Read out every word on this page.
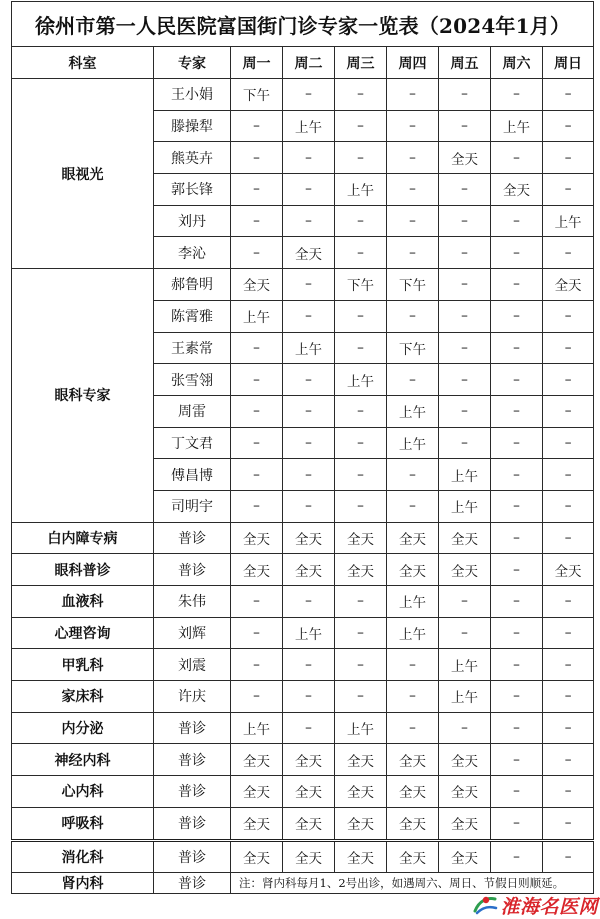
徐州市第一人民医院富国街门诊专家一览表（2024年1月）								
科室	专家	周一	周二	周三	周四	周五	周六	周日
眼视光	王小娟	下午	–	–	–	–	–	–
	滕操犁	–	上午	–	–	–	上午	–
	熊英卉	–	–	–	–	全天	–	–
	郭长锋	–	–	上午	–	–	全天	–
	刘丹	–	–	–	–	–	–	上午
	李沁	–	全天	–	–	–	–	–
眼科专家	郝鲁明	全天	–	下午	下午	–	–	全天
	陈霄雅	上午	–	–	–	–	–	–
	王素常	–	上午	–	下午	–	–	–
	张雪翎	–	–	上午	–	–	–	–
	周雷	–	–	–	上午	–	–	–
	丁文君	–	–	–	上午	–	–	–
	傅昌博	–	–	–	–	上午	–	–
	司明宇	–	–	–	–	上午	–	–
白内障专病	普诊	全天	全天	全天	全天	全天	–	–
眼科普诊	普诊	全天	全天	全天	全天	全天	–	全天
血液科	朱伟	–	–	–	上午	–	–	–
心理咨询	刘辉	–	上午	–	上午	–	–	–
甲乳科	刘震	–	–	–	–	上午	–	–
家床科	许庆	–	–	–	–	上午	–	–
内分泌	普诊	上午	–	上午	–	–	–	–
神经内科	普诊	全天	全天	全天	全天	全天	–	–
心内科	普诊	全天	全天	全天	全天	全天	–	–
呼吸科	普诊	全天	全天	全天	全天	全天	–	–
消化科	普诊	全天	全天	全天	全天	全天	–	–
肾内科	普诊	注：肾内科每月1、2号出诊，如遇周六、周日、节假日则顺延。						
淮海名医网
